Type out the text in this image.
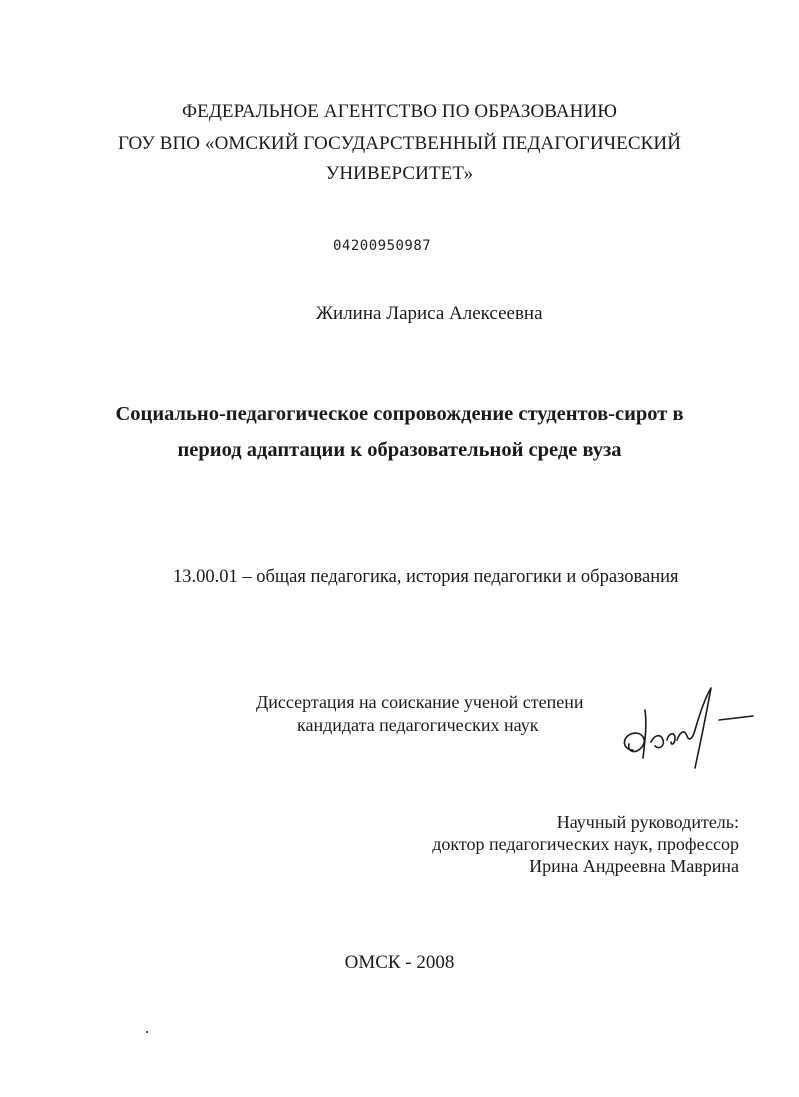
ФЕДЕРАЛЬНОЕ АГЕНТСТВО ПО ОБРАЗОВАНИЮ
ГОУ ВПО «ОМСКИЙ ГОСУДАРСТВЕННЫЙ ПЕДАГОГИЧЕСКИЙ
УНИВЕРСИТЕТ»
04200950987
Жилина Лариса Алексеевна
Социально-педагогическое сопровождение студентов-сирот в
период адаптации к образовательной среде вуза
13.00.01 – общая педагогика, история педагогики и образования
Диссертация на соискание ученой степени
кандидата педагогических наук
Научный руководитель:
доктор педагогических наук, профессор
Ирина Андреевна Маврина
ОМСК - 2008
